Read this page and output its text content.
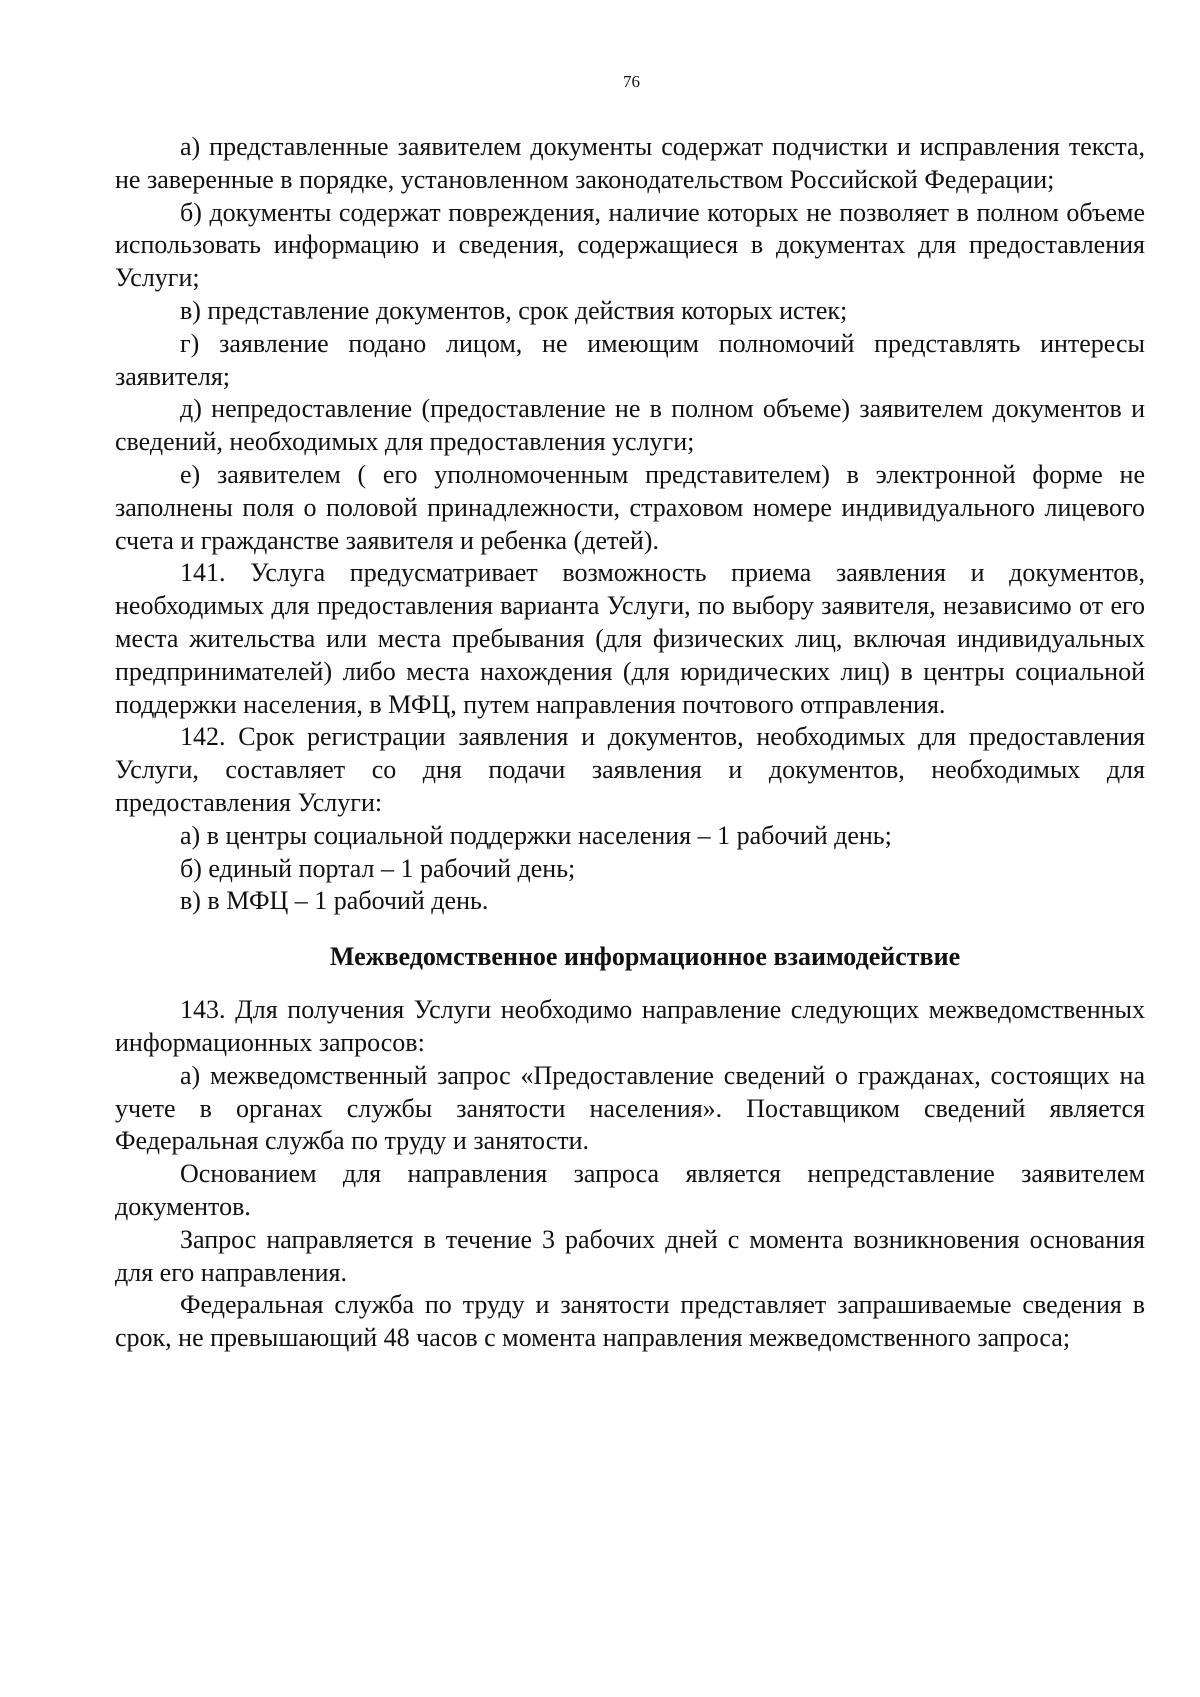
76

а) представленные заявителем документы содержат подчистки и исправления текста, не заверенные в порядке, установленном законодательством Российской Федерации;

б) документы содержат повреждения, наличие которых не позволяет в полном объеме использовать информацию и сведения, содержащиеся в документах для предоставления Услуги;

в) представление документов, срок действия которых истек;

г) заявление подано лицом, не имеющим полномочий представлять интересы заявителя;

д) непредоставление (предоставление не в полном объеме) заявителем документов и сведений, необходимых для предоставления услуги;

е) заявителем ( его уполномоченным представителем) в электронной форме не заполнены поля о половой принадлежности, страховом номере индивидуального лицевого счета и гражданстве заявителя и ребенка (детей).

141. Услуга предусматривает возможность приема заявления и документов, необходимых для предоставления варианта Услуги, по выбору заявителя, независимо от его места жительства или места пребывания (для физических лиц, включая индивидуальных предпринимателей) либо места нахождения (для юридических лиц) в центры социальной поддержки населения, в МФЦ, путем направления почтового отправления.

142. Срок регистрации заявления и документов, необходимых для предоставления Услуги, составляет со дня подачи заявления и документов, необходимых для предоставления Услуги:

а) в центры социальной поддержки населения – 1 рабочий день;

б) единый портал – 1 рабочий день;

в) в МФЦ – 1 рабочий день.

Межведомственное информационное взаимодействие

143. Для получения Услуги необходимо направление следующих межведомственных информационных запросов:

а) межведомственный запрос «Предоставление сведений о гражданах, состоящих на учете в органах службы занятости населения». Поставщиком сведений является Федеральная служба по труду и занятости.

Основанием для направления запроса является непредставление заявителем документов.

Запрос направляется в течение 3 рабочих дней с момента возникновения основания для его направления.

Федеральная служба по труду и занятости представляет запрашиваемые сведения в срок, не превышающий 48 часов с момента направления межведомственного запроса;
